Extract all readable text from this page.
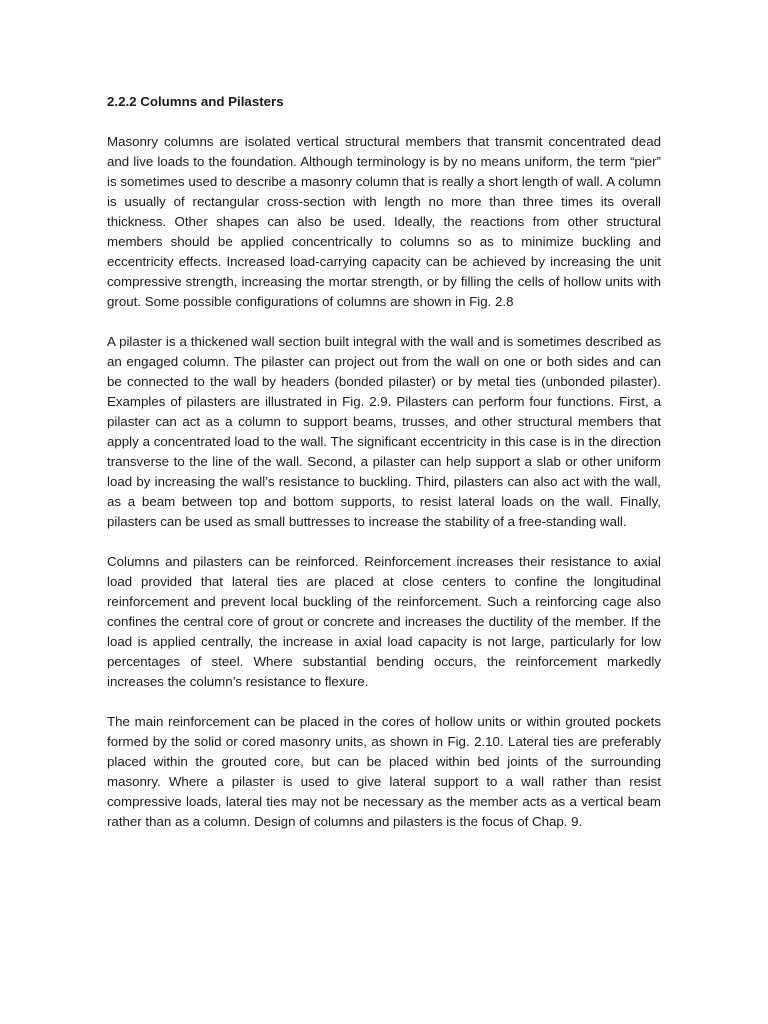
2.2.2 Columns and Pilasters

Masonry columns are isolated vertical structural members that transmit concentrated dead and live loads to the foundation. Although terminology is by no means uniform, the term “pier” is sometimes used to describe a masonry column that is really a short length of wall. A column is usually of rectangular cross-section with length no more than three times its overall thickness. Other shapes can also be used. Ideally, the reactions from other structural members should be applied concentrically to columns so as to minimize buckling and eccentricity effects. Increased load-carrying capacity can be achieved by increasing the unit compressive strength, increasing the mortar strength, or by filling the cells of hollow units with grout. Some possible configurations of columns are shown in Fig. 2.8

A pilaster is a thickened wall section built integral with the wall and is sometimes described as an engaged column. The pilaster can project out from the wall on one or both sides and can be connected to the wall by headers (bonded pilaster) or by metal ties (unbonded pilaster). Examples of pilasters are illustrated in Fig. 2.9. Pilasters can perform four functions. First, a pilaster can act as a column to support beams, trusses, and other structural members that apply a concentrated load to the wall. The significant eccentricity in this case is in the direction transverse to the line of the wall. Second, a pilaster can help support a slab or other uniform load by increasing the wall’s resistance to buckling. Third, pilasters can also act with the wall, as a beam between top and bottom supports, to resist lateral loads on the wall. Finally, pilasters can be used as small buttresses to increase the stability of a free-standing wall.

Columns and pilasters can be reinforced. Reinforcement increases their resistance to axial load provided that lateral ties are placed at close centers to confine the longitudinal reinforcement and prevent local buckling of the reinforcement. Such a reinforcing cage also confines the central core of grout or concrete and increases the ductility of the member. If the load is applied centrally, the increase in axial load capacity is not large, particularly for low percentages of steel. Where substantial bending occurs, the reinforcement markedly increases the column’s resistance to flexure.

The main reinforcement can be placed in the cores of hollow units or within grouted pockets formed by the solid or cored masonry units, as shown in Fig. 2.10. Lateral ties are preferably placed within the grouted core, but can be placed within bed joints of the surrounding masonry. Where a pilaster is used to give lateral support to a wall rather than resist compressive loads, lateral ties may not be necessary as the member acts as a vertical beam rather than as a column. Design of columns and pilasters is the focus of Chap. 9.
